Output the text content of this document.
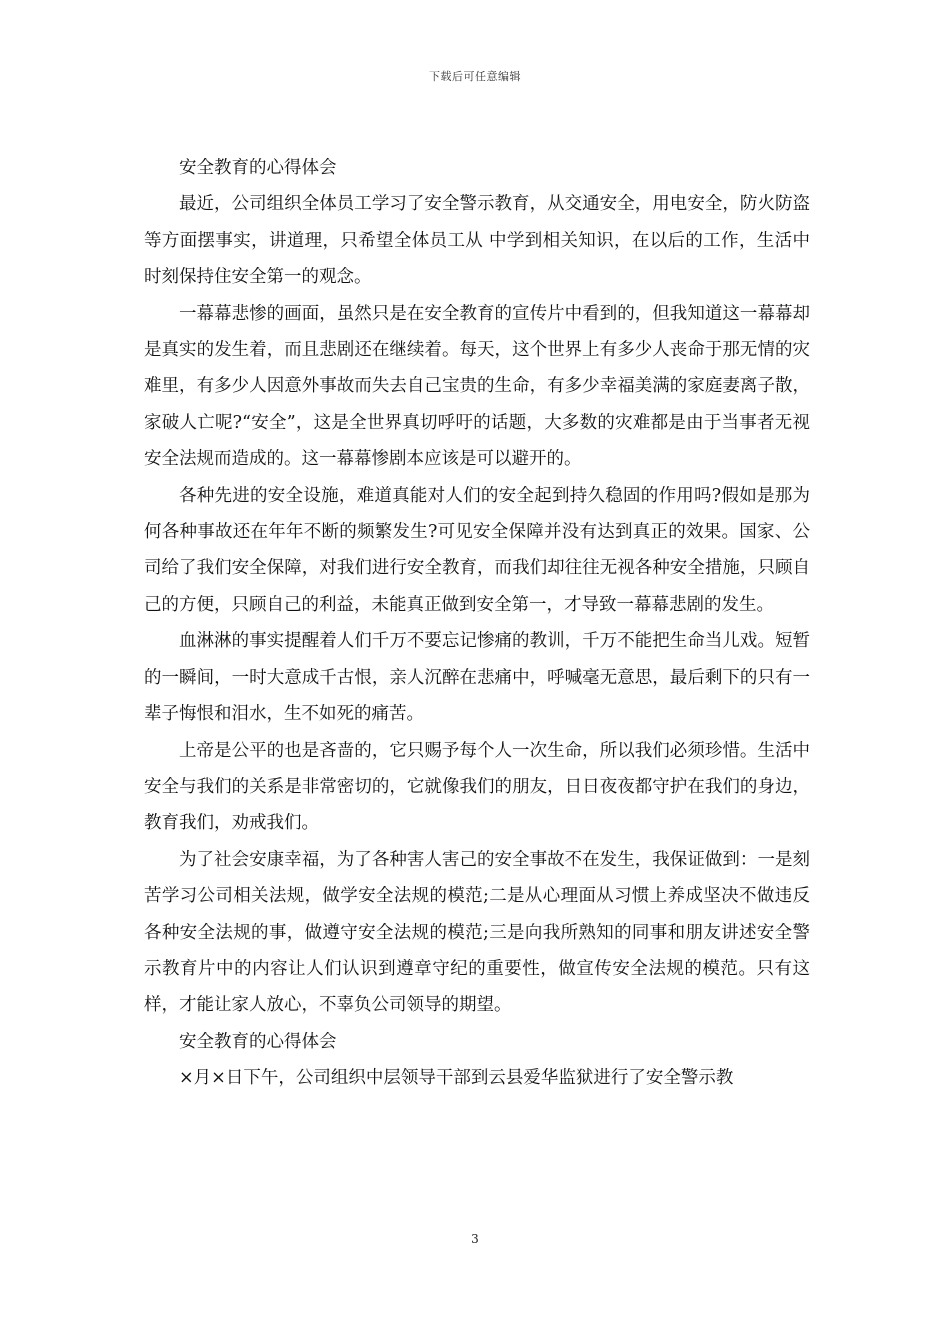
下载后可任意编辑

安全教育的心得体会

最近，公司组织全体员工学习了安全警示教育，从交通安全，用电安全，防火防盗等方面摆事实，讲道理，只希望全体员工从 中学到相关知识，在以后的工作，生活中时刻保持住安全第一的观念。

一幕幕悲惨的画面，虽然只是在安全教育的宣传片中看到的，但我知道这一幕幕却是真实的发生着，而且悲剧还在继续着。每天，这个世界上有多少人丧命于那无情的灾难里，有多少人因意外事故而失去自己宝贵的生命，有多少幸福美满的家庭妻离子散，家破人亡呢?“安全”，这是全世界真切呼吁的话题，大多数的灾难都是由于当事者无视安全法规而造成的。这一幕幕惨剧本应该是可以避开的。

各种先进的安全设施，难道真能对人们的安全起到持久稳固的作用吗?假如是那为何各种事故还在年年不断的频繁发生?可见安全保障并没有达到真正的效果。国家、公司给了我们安全保障，对我们进行安全教育，而我们却往往无视各种安全措施，只顾自己的方便，只顾自己的利益，未能真正做到安全第一，才导致一幕幕悲剧的发生。

血淋淋的事实提醒着人们千万不要忘记惨痛的教训，千万不能把生命当儿戏。短暂的一瞬间，一时大意成千古恨，亲人沉醉在悲痛中，呼喊毫无意思，最后剩下的只有一辈子悔恨和泪水，生不如死的痛苦。

上帝是公平的也是吝啬的，它只赐予每个人一次生命，所以我们必须珍惜。生活中安全与我们的关系是非常密切的，它就像我们的朋友，日日夜夜都守护在我们的身边，教育我们，劝戒我们。

为了社会安康幸福，为了各种害人害己的安全事故不在发生，我保证做到：一是刻苦学习公司相关法规，做学安全法规的模范;二是从心理面从习惯上养成坚决不做违反各种安全法规的事，做遵守安全法规的模范;三是向我所熟知的同事和朋友讲述安全警示教育片中的内容让人们认识到遵章守纪的重要性，做宣传安全法规的模范。只有这样，才能让家人放心，不辜负公司领导的期望。

安全教育的心得体会

×月×日下午，公司组织中层领导干部到云县爱华监狱进行了安全警示教

3
